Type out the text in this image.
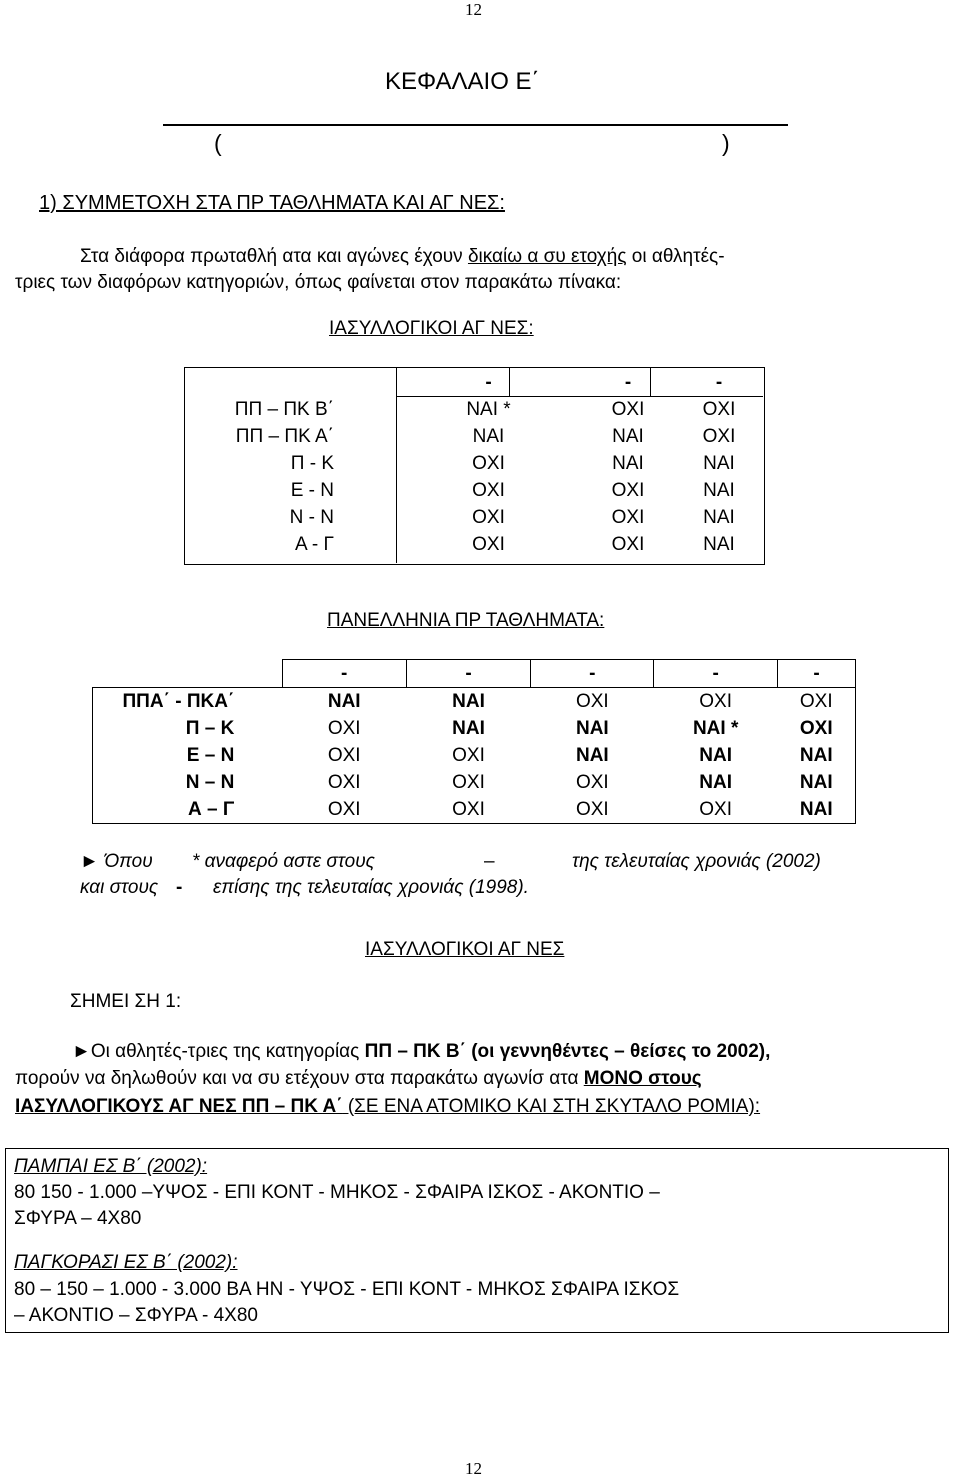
12
ΚΕΦΑΛΑΙΟ Ε΄
(	)
1) ΣΥΜΜΕΤΟΧΗ ΣΤΑ ΠΡ ΤΑΘΛΗΜΑΤΑ ΚΑΙ ΑΓ ΝΕΣ:
Στα διάφορα πρωταθλή ατα και αγώνες έχουν δικαίω α συ ετοχής οι αθλητές-
τριες των διαφόρων κατηγοριών, όπως φαίνεται στον παρακάτω πίνακα:
ΙΑΣΥΛΛΟΓΙΚΟΙ ΑΓ ΝΕΣ:
	-	-	-
ΠΠ – ΠΚ Β΄	ΝΑΙ *	ΟΧΙ	ΟΧΙ
ΠΠ – ΠΚ Α΄	ΝΑΙ	ΝΑΙ	ΟΧΙ
Π - Κ	ΟΧΙ	ΝΑΙ	ΝΑΙ
Ε - Ν	ΟΧΙ	ΟΧΙ	ΝΑΙ
Ν - Ν	ΟΧΙ	ΟΧΙ	ΝΑΙ
Α - Γ	ΟΧΙ	ΟΧΙ	ΝΑΙ
ΠΑΝΕΛΛΗΝΙΑ ΠΡ ΤΑΘΛΗΜΑΤΑ:
	-	-	-	-	-
ΠΠΑ΄ - ΠΚΑ΄	ΝΑΙ	ΝΑΙ	ΟΧΙ	ΟΧΙ	ΟΧΙ
Π – Κ	ΟΧΙ	ΝΑΙ	ΝΑΙ	ΝΑΙ *	ΟΧΙ
Ε – Ν	ΟΧΙ	ΟΧΙ	ΝΑΙ	ΝΑΙ	ΝΑΙ
Ν – Ν	ΟΧΙ	ΟΧΙ	ΟΧΙ	ΝΑΙ	ΝΑΙ
Α – Γ	ΟΧΙ	ΟΧΙ	ΟΧΙ	ΟΧΙ	ΝΑΙ
► Όπου * αναφερό αστε στους	–	της τελευταίας χρονιάς (2002)
και στους - επίσης της τελευταίας χρονιάς (1998).
ΙΑΣΥΛΛΟΓΙΚΟΙ ΑΓ ΝΕΣ
ΣΗΜΕΙ ΣΗ 1:
►Οι αθλητές-τριες της κατηγορίας ΠΠ – ΠΚ Β΄ (οι γεννηθέντες – θείσες το 2002),
πορούν να δηλωθούν και να συ ετέχουν στα παρακάτω αγωνίσ ατα ΜΟΝΟ στους
ΙΑΣΥΛΛΟΓΙΚΟΥΣ ΑΓ ΝΕΣ ΠΠ – ΠΚ Α΄ (ΣΕ ΕΝΑ ΑΤΟΜΙΚΟ ΚΑΙ ΣΤΗ ΣΚΥΤΑΛΟ ΡΟΜΙΑ):
ΠΑΜΠΑΙ ΕΣ Β΄ (2002):
80 150 - 1.000 –ΥΨΟΣ - ΕΠΙ ΚΟΝΤ - ΜΗΚΟΣ - ΣΦΑΙΡΑ ΙΣΚΟΣ - ΑΚΟΝΤΙΟ –
ΣΦΥΡΑ – 4Χ80
ΠΑΓΚΟΡΑΣΙ ΕΣ Β΄ (2002):
80 – 150 – 1.000 - 3.000 ΒΑ ΗΝ - ΥΨΟΣ - ΕΠΙ ΚΟΝΤ - ΜΗΚΟΣ ΣΦΑΙΡΑ ΙΣΚΟΣ
– ΑΚΟΝΤΙΟ – ΣΦΥΡΑ - 4Χ80
12
